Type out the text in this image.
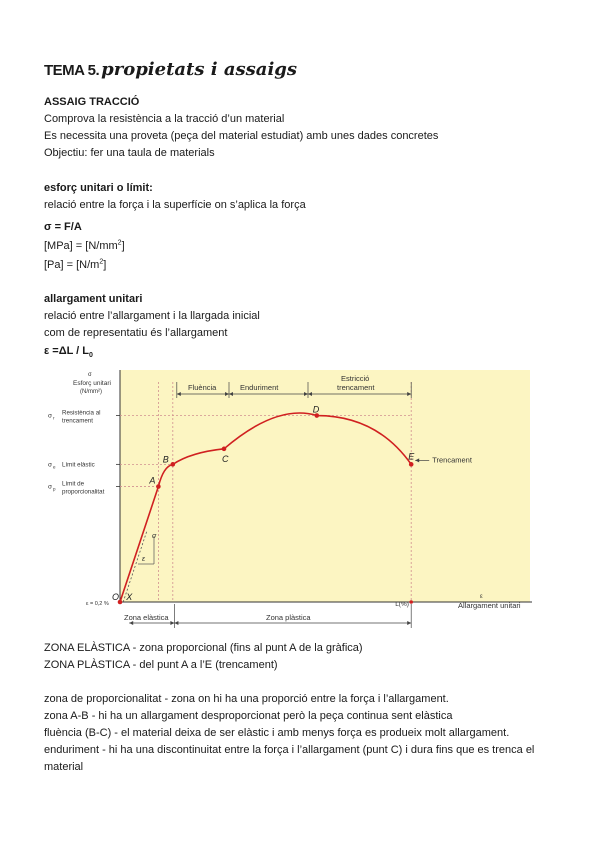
TEMA 5. propietats i assaigs

ASSAIG TRACCIÓ

Comprova la resistència a la tracció d’un material

Es necessita una proveta (peça del material estudiat) amb unes dades concretes

Objectiu: fer una taula de materials

esforç unitari o límit:

relació entre la força i la superfície on s’aplica la força

σ = F/A

$[MPa] = [N/mm^2]$

$[Pa] = [N/m^2]$

allargament unitari

relació entre l’allargament i la llargada inicial

com de representatiu és l’allargament

$\varepsilon =\Delta L / L_0$

O X
A
B	C
D
E
σ
Esforç unitari
(N/mm²)
σ r
Resistència al
trencament
σ e Límit elàstic
σ p
Límit de
proporcionalitat
ε = 0,2 %	L(%)
ε
Allargament unitari
Fluència	Enduriment
Estricció
trencament
Zona elàstica	Zona plàstica
Trencament
σ
ε

ZONA ELÀSTICA - zona proporcional (fins al punt A de la gràfica)

ZONA PLÀSTICA - del punt A a l’E (trencament)

zona de proporcionalitat - zona on hi ha una proporció entre la força i l’allargament.

zona A-B - hi ha un allargament desproporcionat però la peça continua sent elàstica

fluència (B-C) - el material deixa de ser elàstic i amb menys força es produeix molt allargament.

enduriment - hi ha una discontinuitat entre la força i l’allargament (punt C) i dura fins que es trenca el material
